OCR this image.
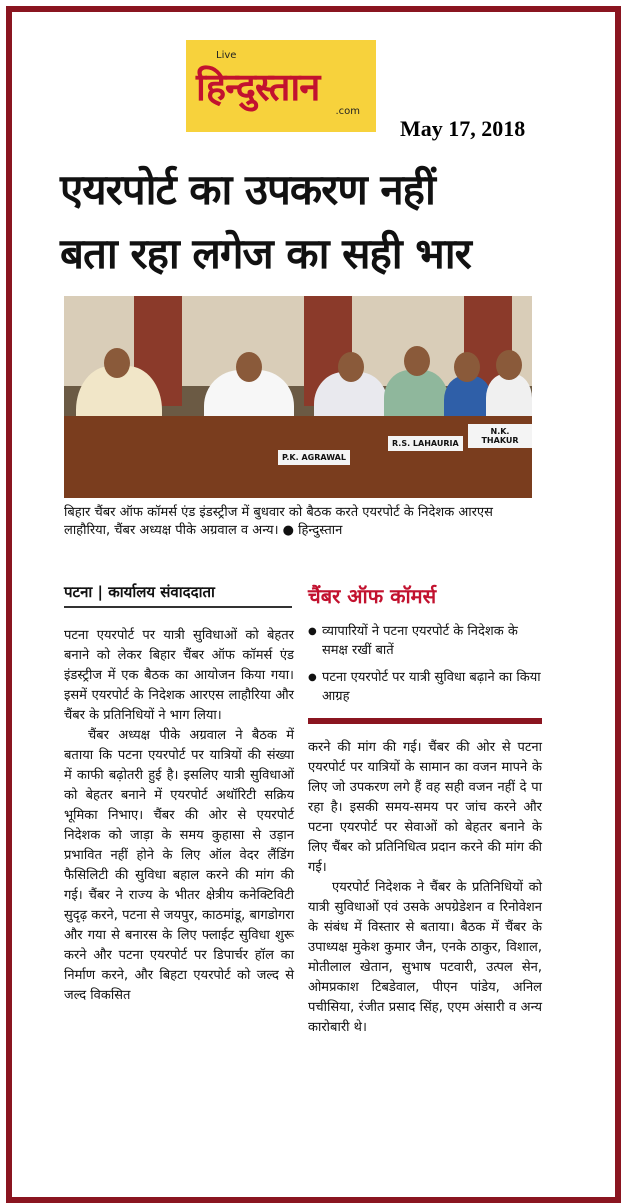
Live
हिन्दुस्तान
.com
May 17, 2018
एयरपोर्ट का उपकरण नहीं
बता रहा लगेज का सही भार
P.K. AGRAWAL
R.S. LAHAURIA
N.K. THAKUR
बिहार चैंबर ऑफ कॉमर्स एंड इंडस्ट्रीज में बुधवार को बैठक करते एयरपोर्ट के निदेशक आरएस लाहौरिया, चैंबर अध्यक्ष पीके अग्रवाल व अन्य। ● हिन्दुस्तान
पटना | कार्यालय संवाददाता	चैंबर ऑफ कॉमर्स
● व्यापारियों ने पटना एयरपोर्ट के निदेशक के समक्ष रखीं बातें
● पटना एयरपोर्ट पर यात्री सुविधा बढ़ाने का किया आग्रह

पटना एयरपोर्ट पर यात्री सुविधाओं को बेहतर बनाने को लेकर बिहार चैंबर ऑफ कॉमर्स एंड इंडस्ट्रीज में एक बैठक का आयोजन किया गया। इसमें एयरपोर्ट के निदेशक आरएस लाहौरिया और चैंबर के प्रतिनिधियों ने भाग लिया।

चैंबर अध्यक्ष पीके अग्रवाल ने बैठक में बताया कि पटना एयरपोर्ट पर यात्रियों की संख्या में काफी बढ़ोतरी हुई है। इसलिए यात्री सुविधाओं को बेहतर बनाने में एयरपोर्ट अथॉरिटी सक्रिय भूमिका निभाए। चैंबर की ओर से एयरपोर्ट निदेशक को जाड़ा के समय कुहासा से उड़ान प्रभावित नहीं होने के लिए ऑल वेदर लैंडिंग फैसिलिटी की सुविधा बहाल करने की मांग की गई। चैंबर ने राज्य के भीतर क्षेत्रीय कनेक्टिविटी सुदृढ़ करने, पटना से जयपुर, काठमांडू, बागडोगरा और गया से बनारस के लिए फ्लाईट सुविधा शुरू करने और पटना एयरपोर्ट पर डिपार्चर हॉल का निर्माण करने, और बिहटा एयरपोर्ट को जल्द से जल्द विकसित

करने की मांग की गई। चैंबर की ओर से पटना एयरपोर्ट पर यात्रियों के सामान का वजन मापने के लिए जो उपकरण लगे हैं वह सही वजन नहीं दे पा रहा है। इसकी समय-समय पर जांच करने और पटना एयरपोर्ट पर सेवाओं को बेहतर बनाने के लिए चैंबर को प्रतिनिधित्व प्रदान करने की मांग की गई।

एयरपोर्ट निदेशक ने चैंबर के प्रतिनिधियों को यात्री सुविधाओं एवं उसके अपग्रेडेशन व रिनोवेशन के संबंध में विस्तार से बताया। बैठक में चैंबर के उपाध्यक्ष मुकेश कुमार जैन, एनके ठाकुर, विशाल, मोतीलाल खेतान, सुभाष पटवारी, उत्पल सेन, ओमप्रकाश टिबडेवाल, पीएन पांडेय, अनिल पचीसिया, रंजीत प्रसाद सिंह, एएम अंसारी व अन्य कारोबारी थे।
